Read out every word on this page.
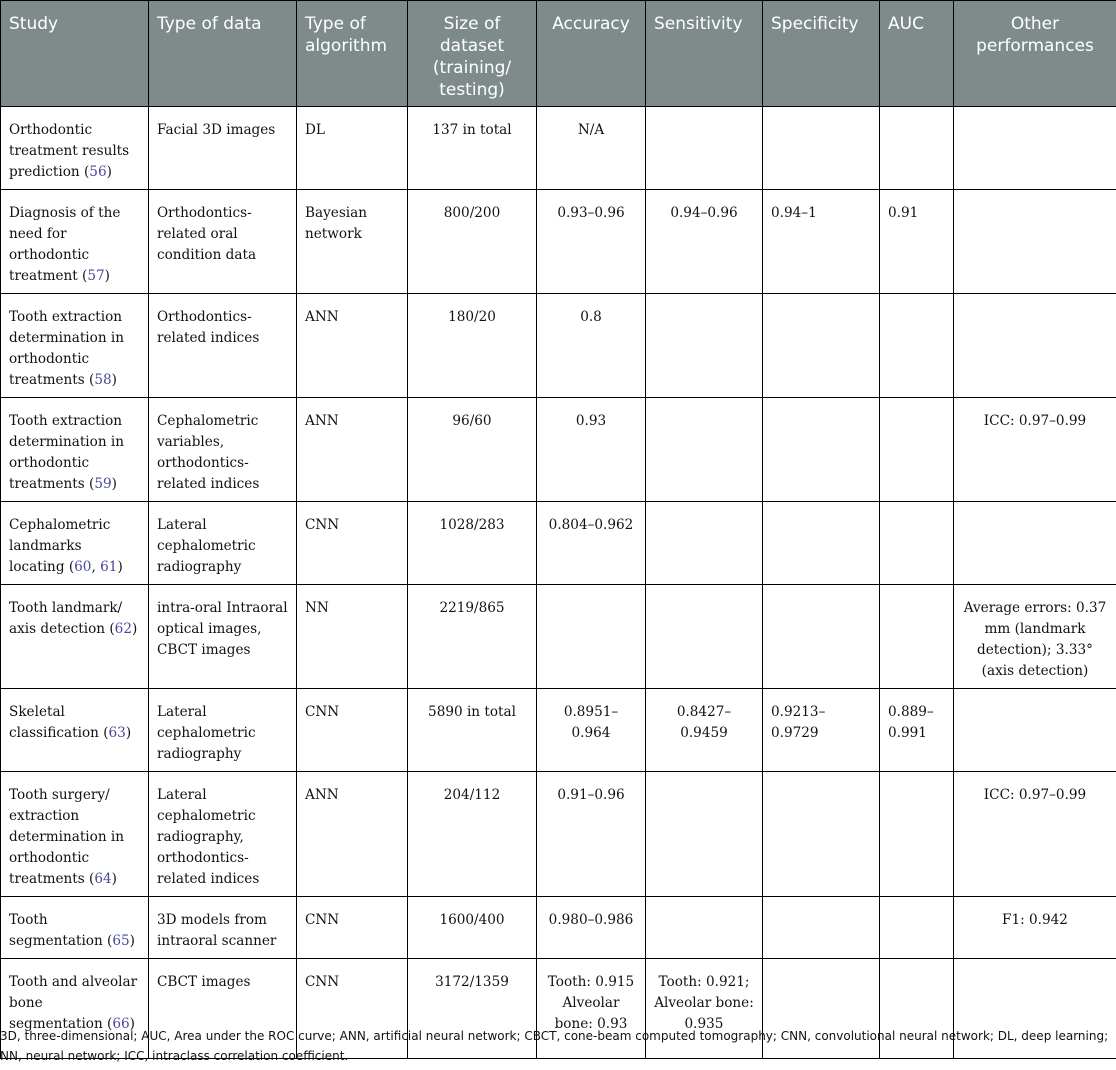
Study	Type of data	Type of algorithm	Size of dataset (training/ testing)	Accuracy	Sensitivity	Specificity	AUC	Other performances
Orthodontic treatment results prediction (56)	Facial 3D images	DL	137 in total	N/A				
Diagnosis of the need for orthodontic treatment (57)	Orthodontics-related oral condition data	Bayesian network	800/200	0.93–0.96	0.94–0.96	0.94–1	0.91	
Tooth extraction determination in orthodontic treatments (58)	Orthodontics-related indices	ANN	180/20	0.8				
Tooth extraction determination in orthodontic treatments (59)	Cephalometric variables, orthodontics-related indices	ANN	96/60	0.93				ICC: 0.97–0.99
Cephalometric landmarks locating (60, 61)	Lateral cephalometric radiography	CNN	1028/283	0.804–0.962				
Tooth landmark/ axis detection (62)	intra-oral Intraoral optical images, CBCT images	NN	2219/865					Average errors: 0.37 mm (landmark detection); 3.33° (axis detection)
Skeletal classification (63)	Lateral cephalometric radiography	CNN	5890 in total	0.8951–0.964	0.8427–0.9459	0.9213–0.9729	0.889–0.991	
Tooth surgery/ extraction determination in orthodontic treatments (64)	Lateral cephalometric radiography, orthodontics-related indices	ANN	204/112	0.91–0.96				ICC: 0.97–0.99
Tooth segmentation (65)	3D models from intraoral scanner	CNN	1600/400	0.980–0.986				F1: 0.942
Tooth and alveolar bone segmentation (66)	CBCT images	CNN	3172/1359	Tooth: 0.915 Alveolar bone: 0.93	Tooth: 0.921; Alveolar bone: 0.935			
3D, three-dimensional; AUC, Area under the ROC curve; ANN, artificial neural network; CBCT, cone-beam computed tomography; CNN, convolutional neural network; DL, deep learning; NN, neural network; ICC, intraclass correlation coefficient.
